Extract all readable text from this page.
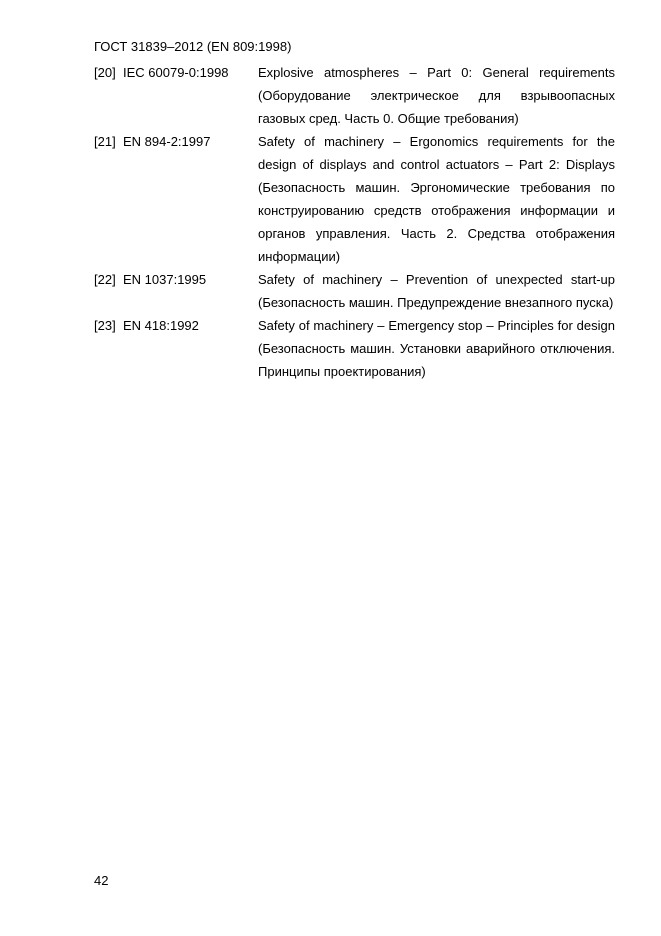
ГОСТ 31839–2012 (EN 809:1998)
[20] IEC 60079-0:1998 Explosive atmospheres – Part 0: General requirements (Оборудование электрическое для взрывоопасных газовых сред. Часть 0. Общие требования)
[21] EN 894-2:1997	Safety of machinery – Ergonomics requirements for the design of displays and control actuators – Part 2: Displays (Безопасность машин. Эргономические требования по конструированию средств отображения информации и органов управления. Часть 2. Средства отображения информации)
[22] EN 1037:1995	Safety of machinery – Prevention of unexpected start-up (Безопасность машин. Предупреждение внезапного пуска)
[23] EN 418:1992	Safety of machinery – Emergency stop – Principles for design (Безопасность машин. Установки аварийного отключения. Принципы проектирования)
42
